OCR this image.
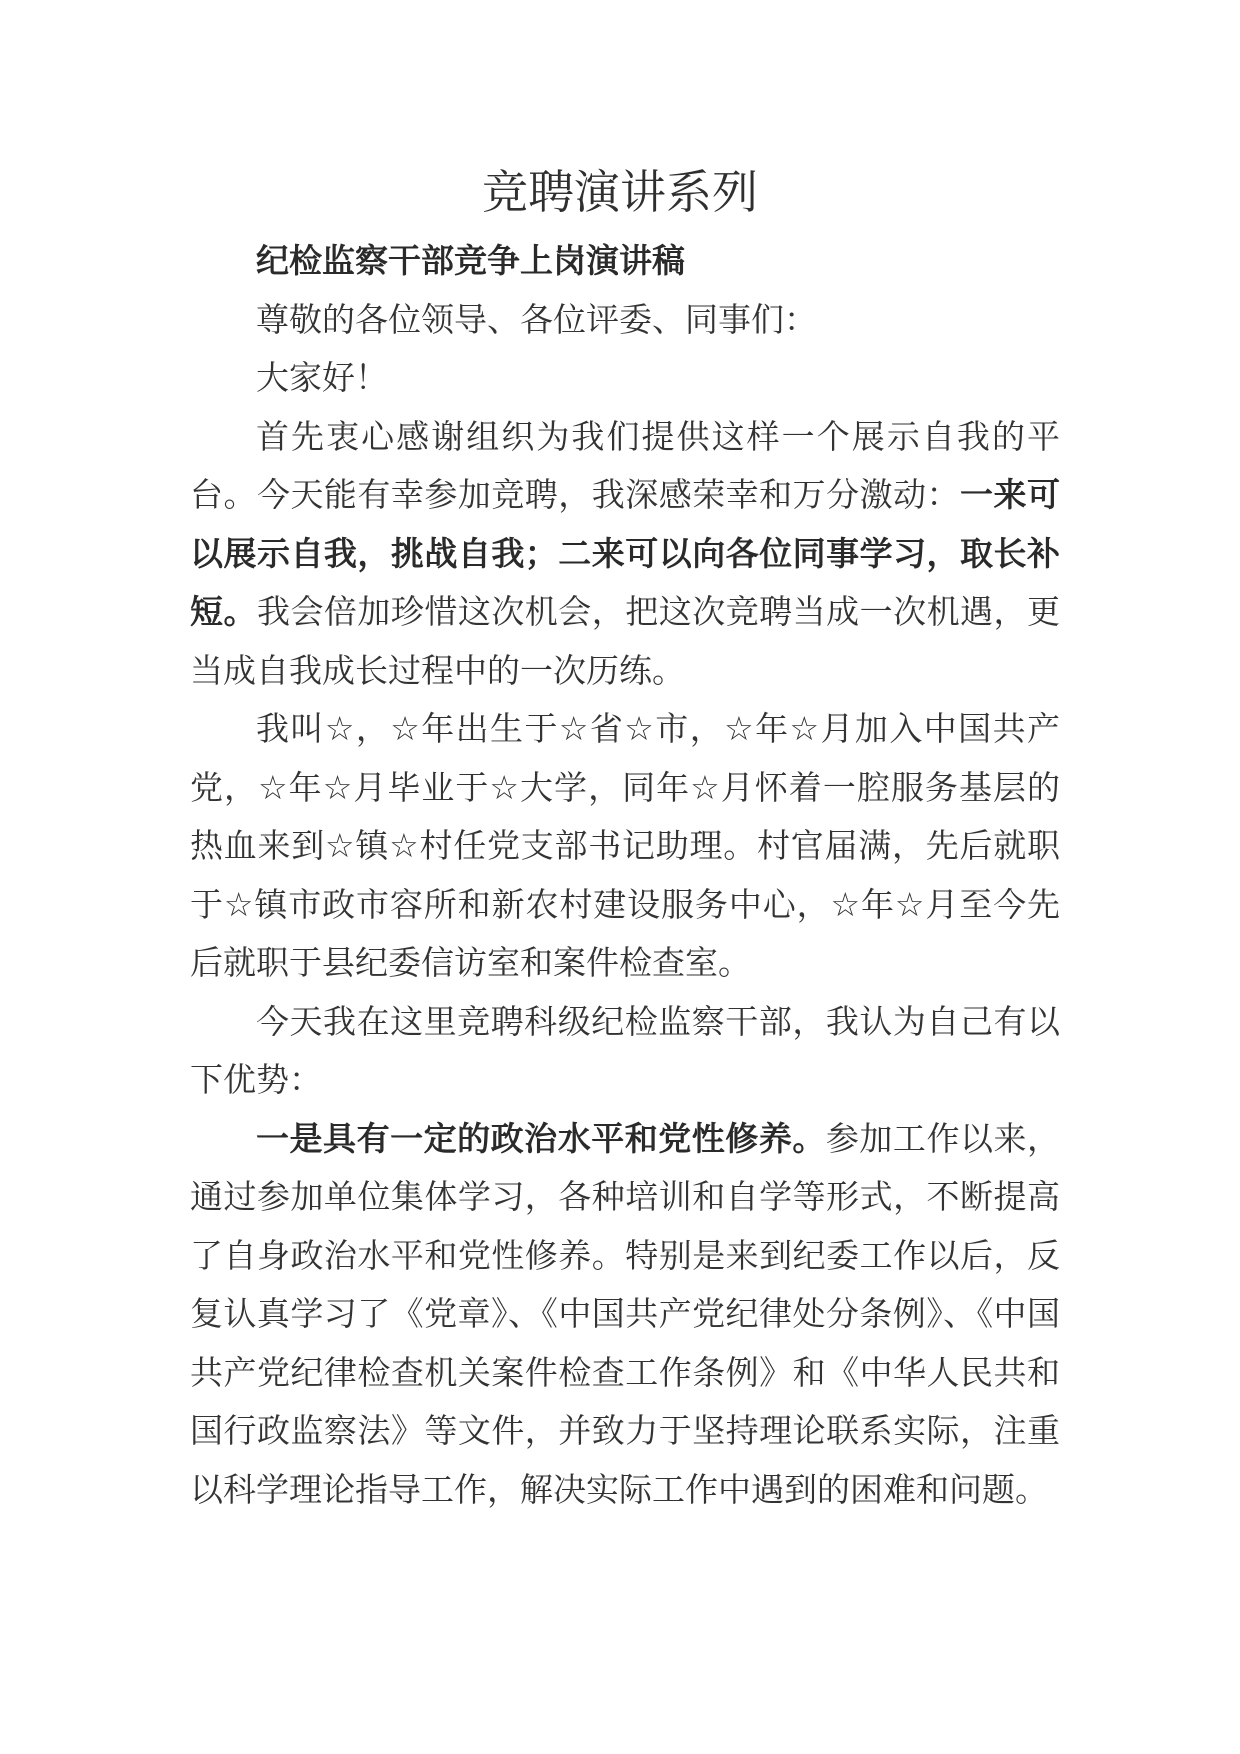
竞聘演讲系列

纪检监察干部竞争上岗演讲稿

尊敬的各位领导、各位评委、同事们：

大家好！

首先衷心感谢组织为我们提供这样一个展示自我的平台。今天能有幸参加竞聘，我深感荣幸和万分激动：一来可以展示自我，挑战自我；二来可以向各位同事学习，取长补短。我会倍加珍惜这次机会，把这次竞聘当成一次机遇，更当成自我成长过程中的一次历练。

我叫☆，☆年出生于☆省☆市，☆年☆月加入中国共产党，☆年☆月毕业于☆大学，同年☆月怀着一腔服务基层的热血来到☆镇☆村任党支部书记助理。村官届满，先后就职于☆镇市政市容所和新农村建设服务中心，☆年☆月至今先后就职于县纪委信访室和案件检查室。

今天我在这里竞聘科级纪检监察干部，我认为自己有以下优势：

一是具有一定的政治水平和党性修养。参加工作以来，通过参加单位集体学习，各种培训和自学等形式，不断提高了自身政治水平和党性修养。特别是来到纪委工作以后，反复认真学习了《党章》、《中国共产党纪律处分条例》、《中国共产党纪律检查机关案件检查工作条例》和《中华人民共和国行政监察法》等文件，并致力于坚持理论联系实际，注重以科学理论指导工作，解决实际工作中遇到的困难和问题。
